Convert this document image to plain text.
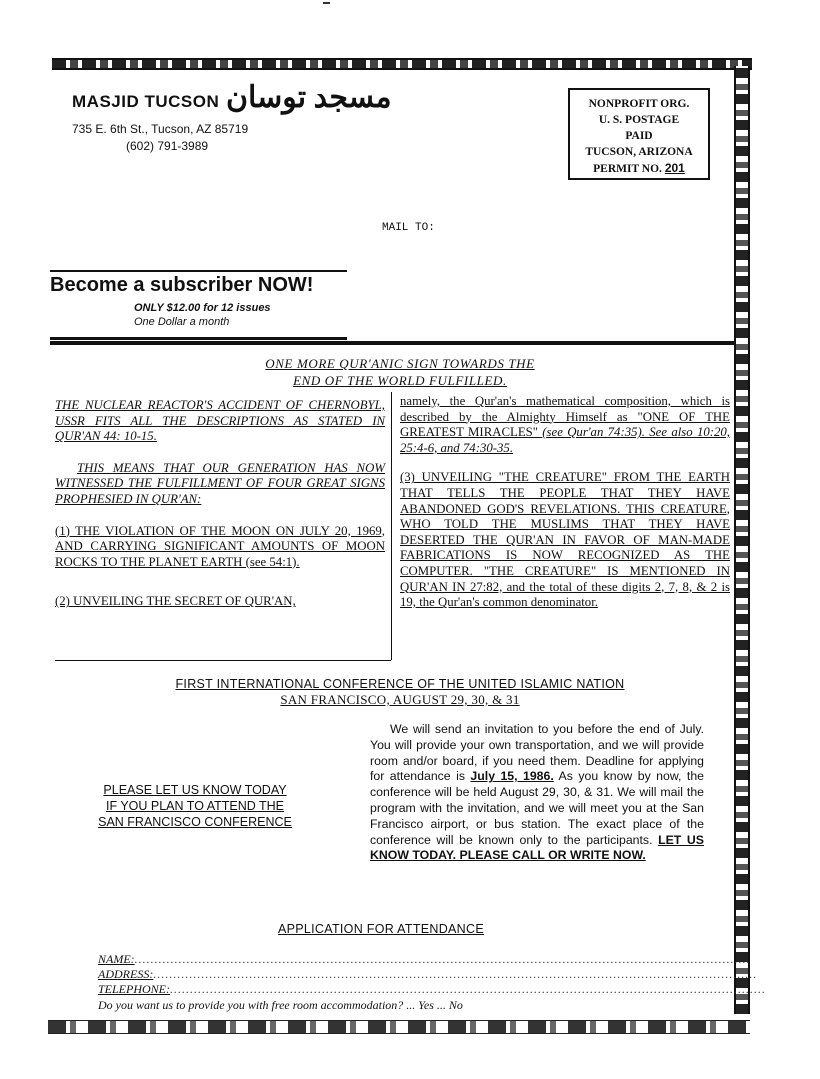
MASJID TUCSON مسجد توسان
735 E. 6th St., Tucson, AZ 85719
(602) 791-3989
NONPROFIT ORG.
U. S. POSTAGE
PAID
TUCSON, ARIZONA
PERMIT NO. 201
MAIL TO:
Become a subscriber NOW!
ONLY $12.00 for 12 issues
One Dollar a month
ONE MORE QUR'ANIC SIGN TOWARDS THE
END OF THE WORLD FULFILLED.

THE NUCLEAR REACTOR'S ACCIDENT OF CHERNOBYL, USSR FITS ALL THE DESCRIPTIONS AS STATED IN QUR'AN 44: 10-15.

THIS MEANS THAT OUR GENERATION HAS NOW WITNESSED THE FULFILLMENT OF FOUR GREAT SIGNS PROPHESIED IN QUR'AN:

(1) THE VIOLATION OF THE MOON ON JULY 20, 1969, AND CARRYING SIGNIFICANT AMOUNTS OF MOON ROCKS TO THE PLANET EARTH (see 54:1).

(2) UNVEILING THE SECRET OF QUR'AN,

namely, the Qur'an's mathematical composition, which is described by the Almighty Himself as "ONE OF THE GREATEST MIRACLES" (see Qur'an 74:35). See also 10:20, 25:4-6, and 74:30-35.

(3) UNVEILING "THE CREATURE" FROM THE EARTH THAT TELLS THE PEOPLE THAT THEY HAVE ABANDONED GOD'S REVELATIONS. THIS CREATURE, WHO TOLD THE MUSLIMS THAT THEY HAVE DESERTED THE QUR'AN IN FAVOR OF MAN-MADE FABRICATIONS IS NOW RECOGNIZED AS THE COMPUTER. "THE CREATURE" IS MENTIONED IN QUR'AN IN 27:82, and the total of these digits 2, 7, 8, & 2 is 19, the Qur'an's common denominator.

FIRST INTERNATIONAL CONFERENCE OF THE UNITED ISLAMIC NATION
SAN FRANCISCO, AUGUST 29, 30, & 31
PLEASE LET US KNOW TODAY
IF YOU PLAN TO ATTEND THE
SAN FRANCISCO CONFERENCE
We will send an invitation to you before the end of July. You will provide your own transportation, and we will provide room and/or board, if you need them. Deadline for applying for attendance is July 15, 1986. As you know by now, the conference will be held August 29, 30, & 31. We will mail the program with the invitation, and we will meet you at the San Francisco airport, or bus station. The exact place of the conference will be known only to the participants. LET US KNOW TODAY. PLEASE CALL OR WRITE NOW.
APPLICATION FOR ATTENDANCE
NAME:..........................................................................................................................................................
ADDRESS:.......................................................................................................................................................
TELEPHONE:.....................................................................................................................................................
Do you want us to provide you with free room accommodation? ... Yes ... No
